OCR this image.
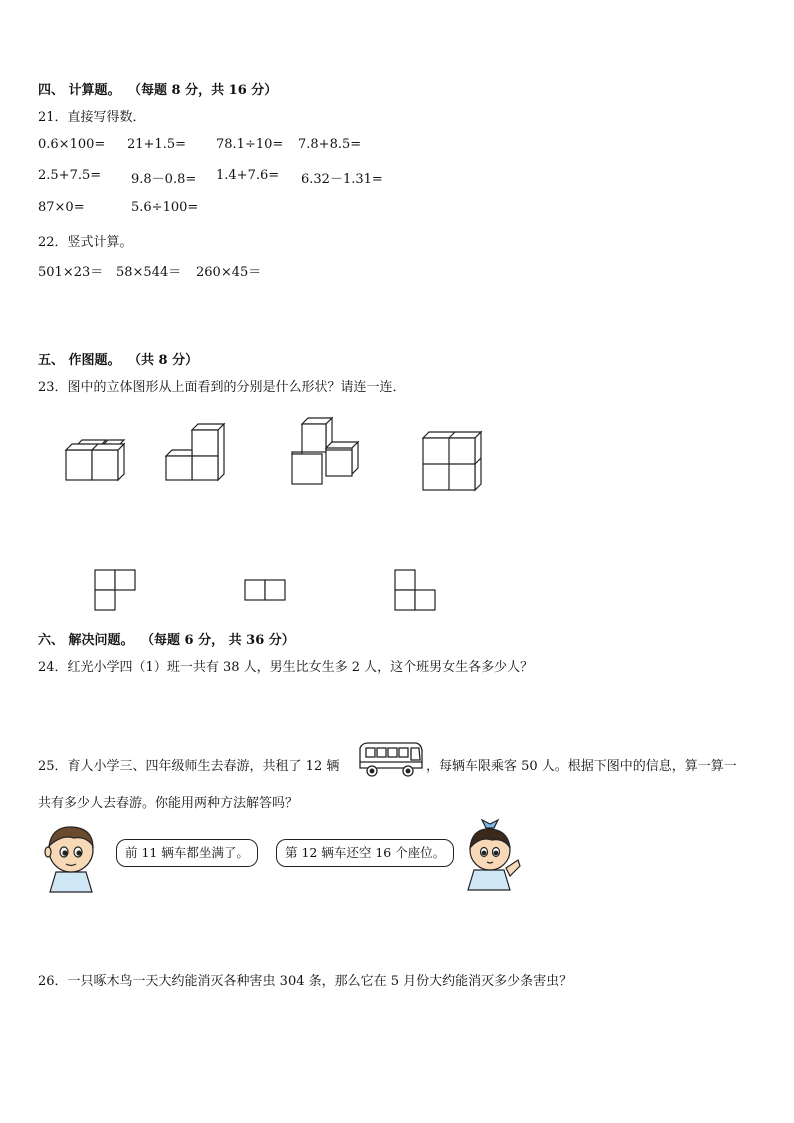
四、 计算题。 （每题 8 分，共 16 分）
21．直接写得数．
0.6×100= 21+1.5= 78.1÷10= 7.8+8.5=
2.5+7.5= 9.8－0.8= 1.4+7.6= 6.32－1.31=
87×0=	5.6÷100=
22．竖式计算。
501×23＝ 58×544＝ 260×45＝
五、 作图题。 （共 8 分）
23．图中的立体图形从上面看到的分别是什么形状？请连一连．
六、 解决问题。 （每题 6 分， 共 36 分）
24．红光小学四（1）班一共有 38 人，男生比女生多 2 人，这个班男女生各多少人？
25．育人小学三、四年级师生去春游，共租了 12 辆	，每辆车限乘客 50 人。根据下图中的信息，算一算一
共有多少人去春游。你能用两种方法解答吗？
前 11 辆车都坐满了。	第 12 辆车还空 16 个座位。
26．一只啄木鸟一天大约能消灭各种害虫 304 条，那么它在 5 月份大约能消灭多少条害虫？
